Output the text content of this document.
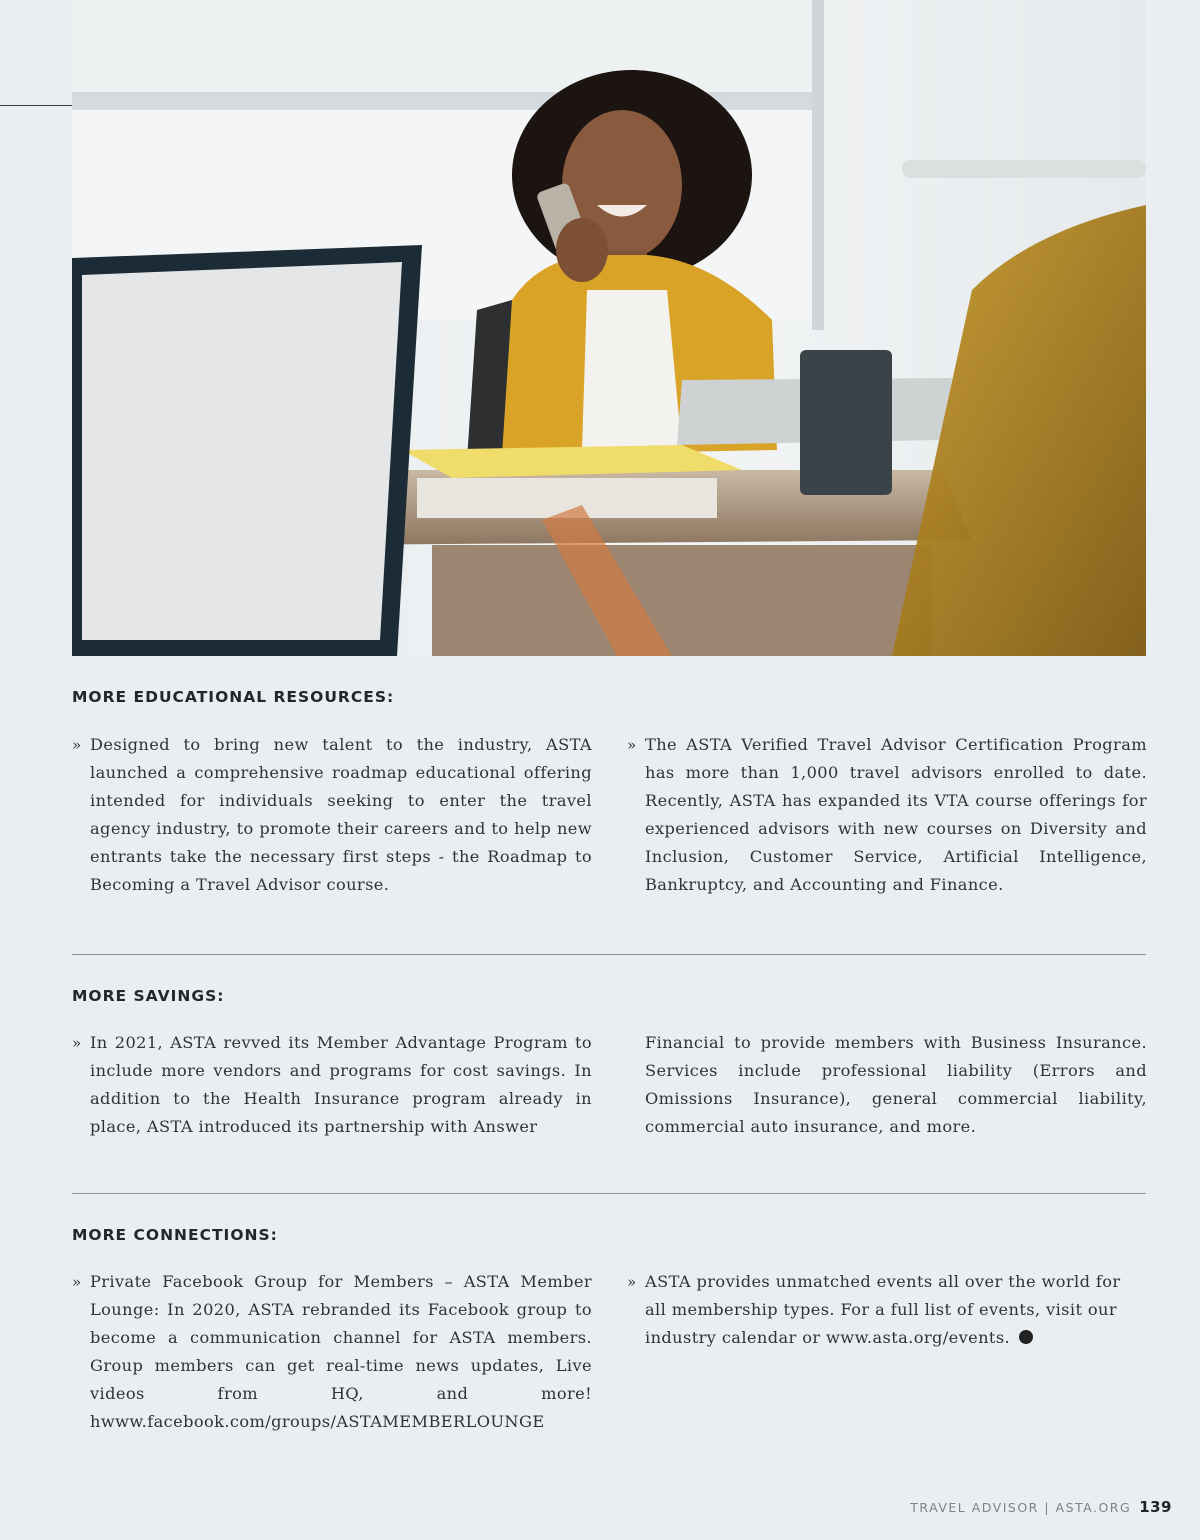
MORE EDUCATIONAL RESOURCES:

» Designed to bring new talent to the industry, ASTA launched a comprehensive roadmap educational offering intended for individuals seeking to enter the travel agency industry, to promote their careers and to help new entrants take the necessary first steps - the Roadmap to Becoming a Travel Advisor course.

» The ASTA Verified Travel Advisor Certification Program has more than 1,000 travel advisors enrolled to date. Recently, ASTA has expanded its VTA course offerings for experienced advisors with new courses on Diversity and Inclusion, Customer Service, Artificial Intelligence, Bankruptcy, and Accounting and Finance.

MORE SAVINGS:

» In 2021, ASTA revved its Member Advantage Program to include more vendors and programs for cost savings. In addition to the Health Insurance program already in place, ASTA introduced its partnership with Answer

Financial to provide members with Business Insurance. Services include professional liability (Errors and Omissions Insurance), general commercial liability, commercial auto insurance, and more.

MORE CONNECTIONS:

» Private Facebook Group for Members – ASTA Member Lounge: In 2020, ASTA rebranded its Facebook group to become a communication channel for ASTA members. Group members can get real-time news updates, Live videos from HQ, and more! hwww.facebook.com/groups/ASTAMEMBERLOUNGE

» ASTA provides unmatched events all over the world for all membership types. For a full list of events, visit our industry calendar or www.asta.org/events.

TRAVEL ADVISOR | ASTA.ORG 139
